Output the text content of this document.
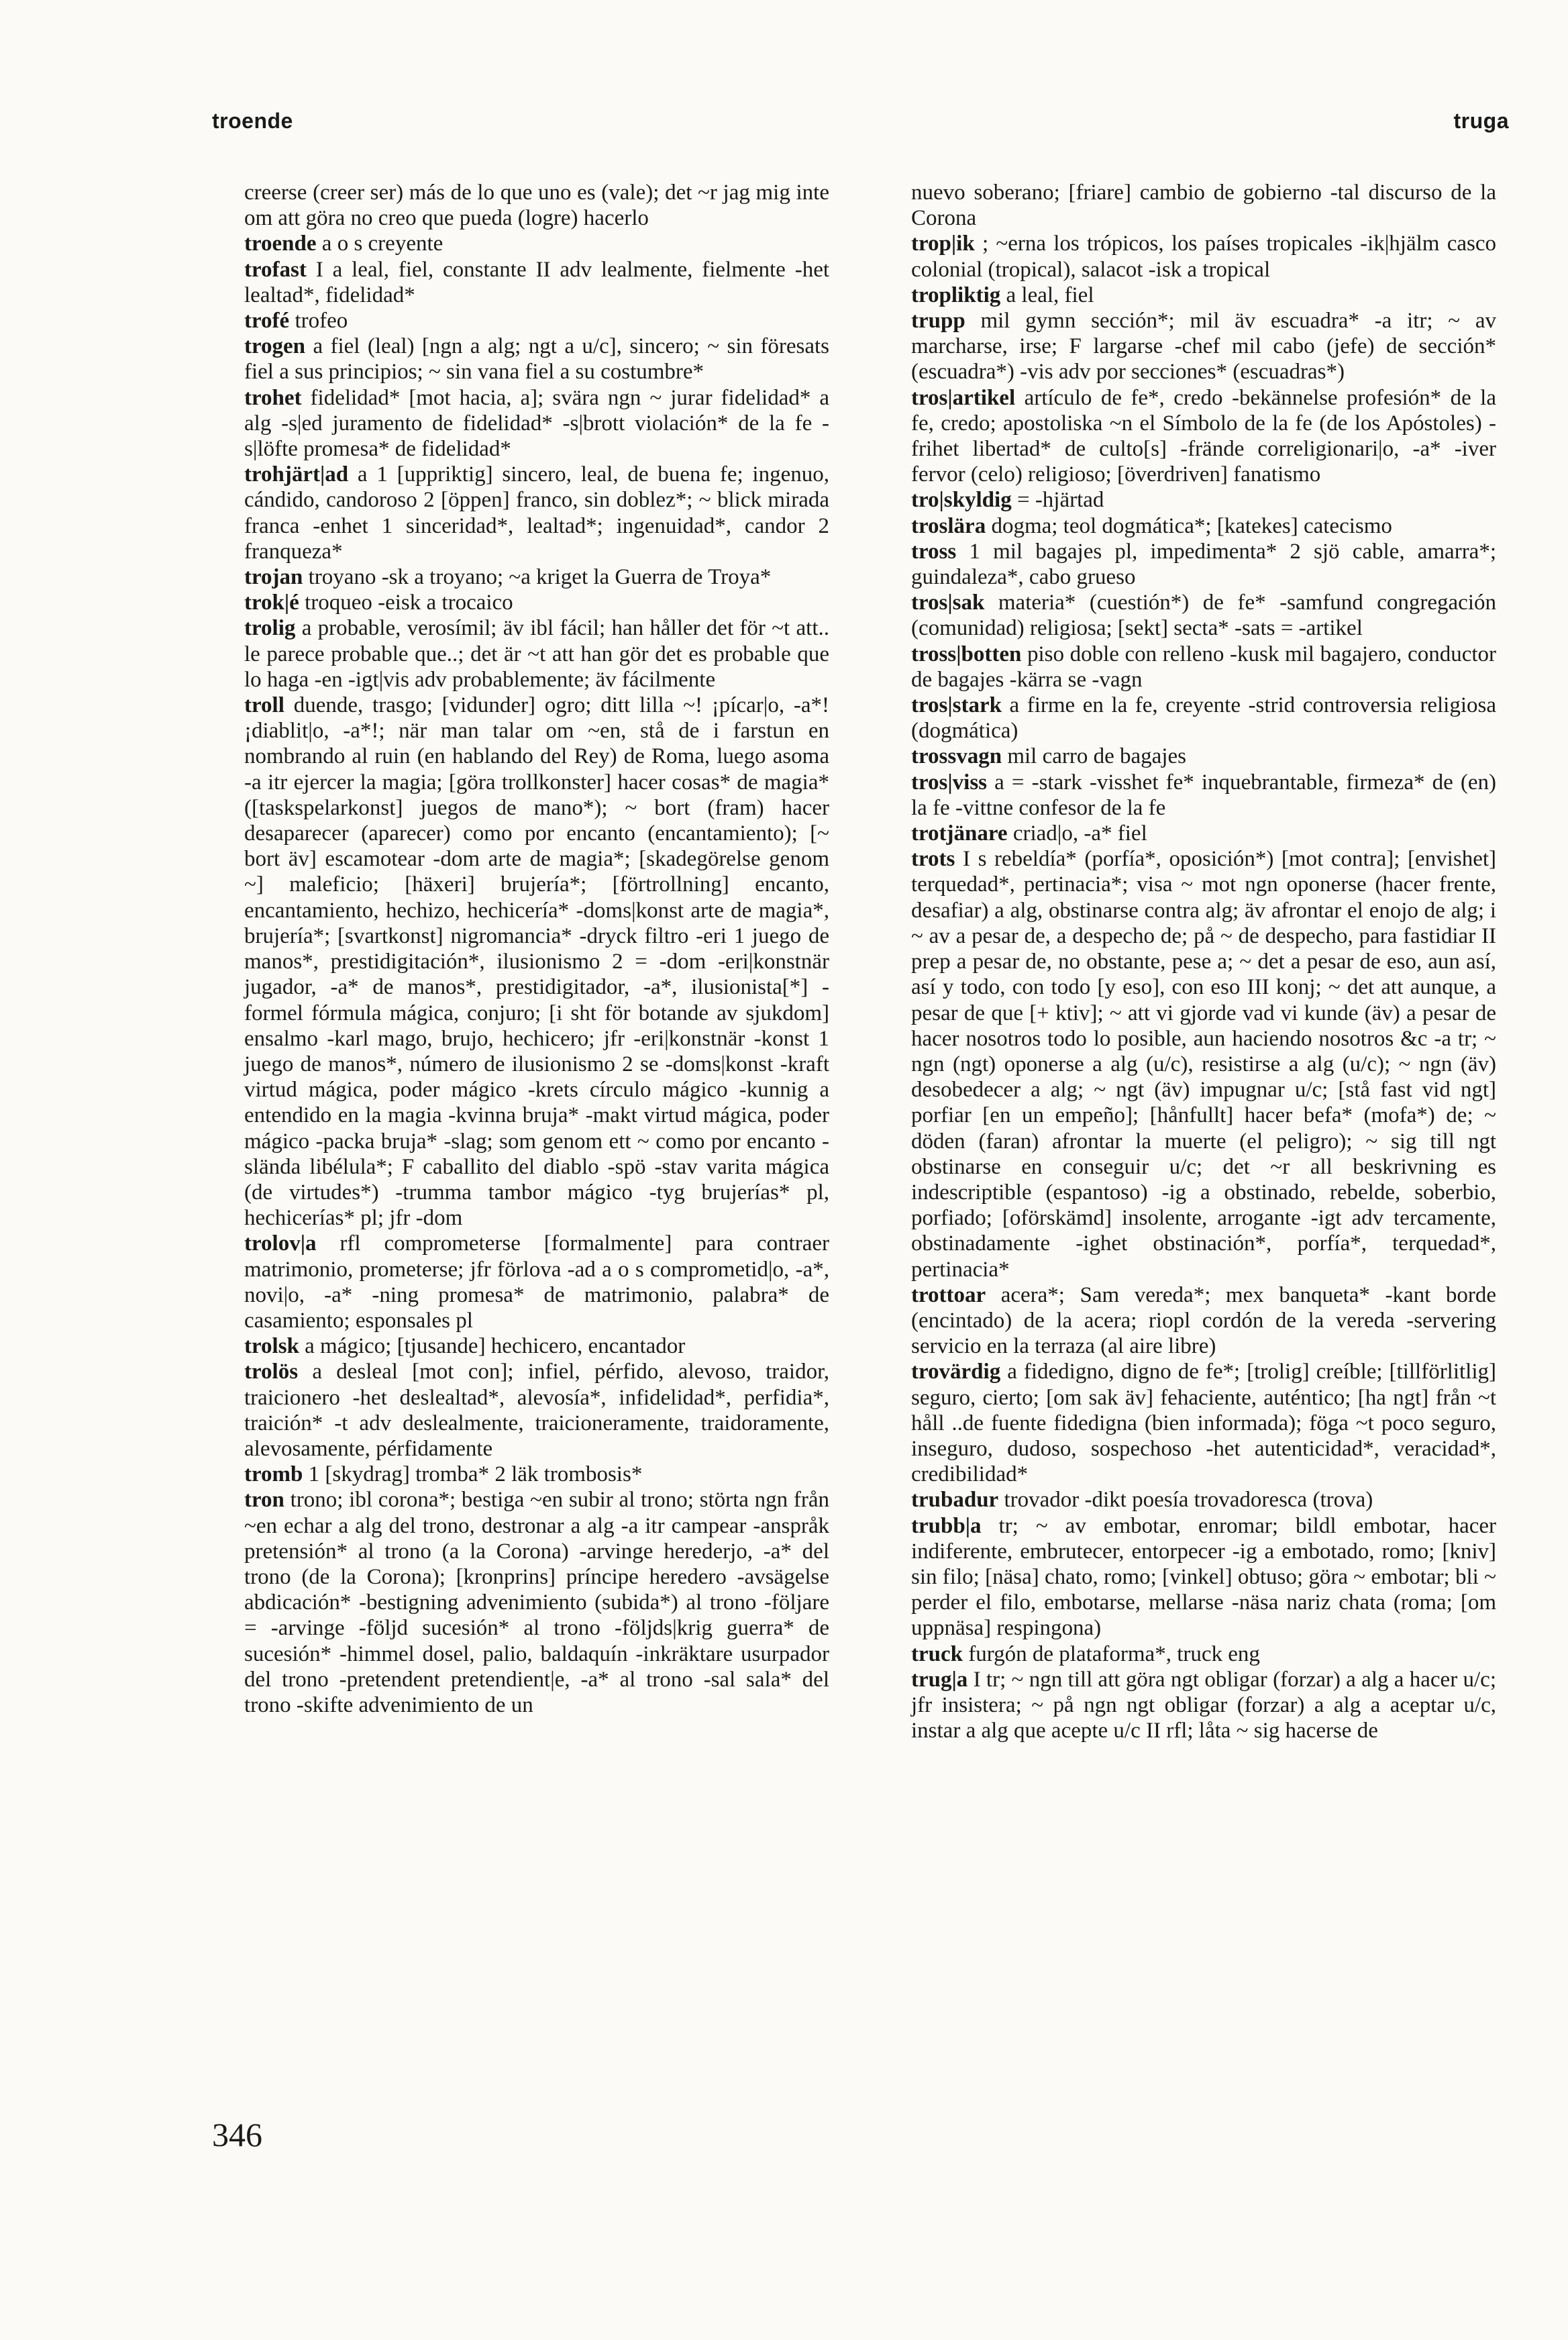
troende	truga

creerse (creer ser) más de lo que uno es (vale); det ~r jag mig inte om att göra no creo que pueda (logre) hacerlo

troende a o s creyente

trofast I a leal, fiel, constante II adv lealmente, fielmente -het lealtad*, fidelidad*

trofé trofeo

trogen a fiel (leal) [ngn a alg; ngt a u/c], sincero; ~ sin föresats fiel a sus principios; ~ sin vana fiel a su costumbre*

trohet fidelidad* [mot hacia, a]; svära ngn ~ jurar fidelidad* a alg -s|ed juramento de fidelidad* -s|brott violación* de la fe -s|löfte promesa* de fidelidad*

trohjärt|ad a 1 [uppriktig] sincero, leal, de buena fe; ingenuo, cándido, candoroso 2 [öppen] franco, sin doblez*; ~ blick mirada franca -enhet 1 sinceridad*, lealtad*; ingenuidad*, candor 2 franqueza*

trojan troyano -sk a troyano; ~a kriget la Guerra de Troya*

trok|é troqueo -eisk a trocaico

trolig a probable, verosímil; äv ibl fácil; han håller det för ~t att.. le parece probable que..; det är ~t att han gör det es probable que lo haga -en -igt|vis adv probablemente; äv fácilmente

troll duende, trasgo; [vidunder] ogro; ditt lilla ~! ¡pícar|o, -a*! ¡diablit|o, -a*!; när man talar om ~en, stå de i farstun en nombrando al ruin (en hablando del Rey) de Roma, luego asoma -a itr ejercer la magia; [göra trollkonster] hacer cosas* de magia* ([taskspelarkonst] juegos de mano*); ~ bort (fram) hacer desaparecer (aparecer) como por encanto (encantamiento); [~ bort äv] escamotear -dom arte de magia*; [skadegörelse genom ~] maleficio; [häxeri] brujería*; [förtrollning] encanto, encantamiento, hechizo, hechicería* -doms|konst arte de magia*, brujería*; [svartkonst] nigromancia* -dryck filtro -eri 1 juego de manos*, prestidigitación*, ilusionismo 2 = -dom -eri|konstnär jugador, -a* de manos*, prestidigitador, -a*, ilusionista[*] -formel fórmula mágica, conjuro; [i sht för botande av sjukdom] ensalmo -karl mago, brujo, hechicero; jfr -eri|konstnär -konst 1 juego de manos*, número de ilusionismo 2 se -doms|konst -kraft virtud mágica, poder mágico -krets círculo mágico -kunnig a entendido en la magia -kvinna bruja* -makt virtud mágica, poder mágico -packa bruja* -slag; som genom ett ~ como por encanto -slända libélula*; F caballito del diablo -spö -stav varita mágica (de virtudes*) -trumma tambor mágico -tyg brujerías* pl, hechicerías* pl; jfr -dom

trolov|a rfl comprometerse [formalmente] para contraer matrimonio, prometerse; jfr förlova -ad a o s comprometid|o, -a*, novi|o, -a* -ning promesa* de matrimonio, palabra* de casamiento; esponsales pl

trolsk a mágico; [tjusande] hechicero, encantador

trolös a desleal [mot con]; infiel, pérfido, alevoso, traidor, traicionero -het deslealtad*, alevosía*, infidelidad*, perfidia*, traición* -t adv deslealmente, traicioneramente, traidoramente, alevosamente, pérfidamente

tromb 1 [skydrag] tromba* 2 läk trombosis*

tron trono; ibl corona*; bestiga ~en subir al trono; störta ngn från ~en echar a alg del trono, destronar a alg -a itr campear -anspråk pretensión* al trono (a la Corona) -arvinge herederjo, -a* del trono (de la Corona); [kronprins] príncipe heredero -avsägelse abdicación* -bestigning advenimiento (subida*) al trono -följare = -arvinge -följd sucesión* al trono -följds|krig guerra* de sucesión* -himmel dosel, palio, baldaquín -inkräktare usurpador del trono -pretendent pretendient|e, -a* al trono -sal sala* del trono -skifte advenimiento de un

nuevo soberano; [friare] cambio de gobierno -tal discurso de la Corona

trop|ik ; ~erna los trópicos, los países tropicales -ik|hjälm casco colonial (tropical), salacot -isk a tropical

tropliktig a leal, fiel

trupp mil gymn sección*; mil äv escuadra* -a itr; ~ av marcharse, irse; F largarse -chef mil cabo (jefe) de sección* (escuadra*) -vis adv por secciones* (escuadras*)

tros|artikel artículo de fe*, credo -bekännelse profesión* de la fe, credo; apostoliska ~n el Símbolo de la fe (de los Apóstoles) -frihet libertad* de culto[s] -frände correligionari|o, -a* -iver fervor (celo) religioso; [överdriven] fanatismo

tro|skyldig = -hjärtad

troslära dogma; teol dogmática*; [katekes] catecismo

tross 1 mil bagajes pl, impedimenta* 2 sjö cable, amarra*; guindaleza*, cabo grueso

tros|sak materia* (cuestión*) de fe* -samfund congregación (comunidad) religiosa; [sekt] secta* -sats = -artikel

tross|botten piso doble con relleno -kusk mil bagajero, conductor de bagajes -kärra se -vagn

tros|stark a firme en la fe, creyente -strid controversia religiosa (dogmática)

trossvagn mil carro de bagajes

tros|viss a = -stark -visshet fe* inquebrantable, firmeza* de (en) la fe -vittne confesor de la fe

trotjänare criad|o, -a* fiel

trots I s rebeldía* (porfía*, oposición*) [mot contra]; [envishet] terquedad*, pertinacia*; visa ~ mot ngn oponerse (hacer frente, desafiar) a alg, obstinarse contra alg; äv afrontar el enojo de alg; i ~ av a pesar de, a despecho de; på ~ de despecho, para fastidiar II prep a pesar de, no obstante, pese a; ~ det a pesar de eso, aun así, así y todo, con todo [y eso], con eso III konj; ~ det att aunque, a pesar de que [+ ktiv]; ~ att vi gjorde vad vi kunde (äv) a pesar de hacer nosotros todo lo posible, aun haciendo nosotros &c -a tr; ~ ngn (ngt) oponerse a alg (u/c), resistirse a alg (u/c); ~ ngn (äv) desobedecer a alg; ~ ngt (äv) impugnar u/c; [stå fast vid ngt] porfiar [en un empeño]; [hånfullt] hacer befa* (mofa*) de; ~ döden (faran) afrontar la muerte (el peligro); ~ sig till ngt obstinarse en conseguir u/c; det ~r all beskrivning es indescriptible (espantoso) -ig a obstinado, rebelde, soberbio, porfiado; [oförskämd] insolente, arrogante -igt adv tercamente, obstinadamente -ighet obstinación*, porfía*, terquedad*, pertinacia*

trottoar acera*; Sam vereda*; mex banqueta* -kant borde (encintado) de la acera; riopl cordón de la vereda -servering servicio en la terraza (al aire libre)

trovärdig a fidedigno, digno de fe*; [trolig] creíble; [tillförlitlig] seguro, cierto; [om sak äv] fehaciente, auténtico; [ha ngt] från ~t håll ..de fuente fidedigna (bien informada); föga ~t poco seguro, inseguro, dudoso, sospechoso -het autenticidad*, veracidad*, credibilidad*

trubadur trovador -dikt poesía trovadoresca (trova)

trubb|a tr; ~ av embotar, enromar; bildl embotar, hacer indiferente, embrutecer, entorpecer -ig a embotado, romo; [kniv] sin filo; [näsa] chato, romo; [vinkel] obtuso; göra ~ embotar; bli ~ perder el filo, embotarse, mellarse -näsa nariz chata (roma; [om uppnäsa] respingona)

truck furgón de plataforma*, truck eng

trug|a I tr; ~ ngn till att göra ngt obligar (forzar) a alg a hacer u/c; jfr insistera; ~ på ngn ngt obligar (forzar) a alg a aceptar u/c, instar a alg que acepte u/c II rfl; låta ~ sig hacerse de

346
